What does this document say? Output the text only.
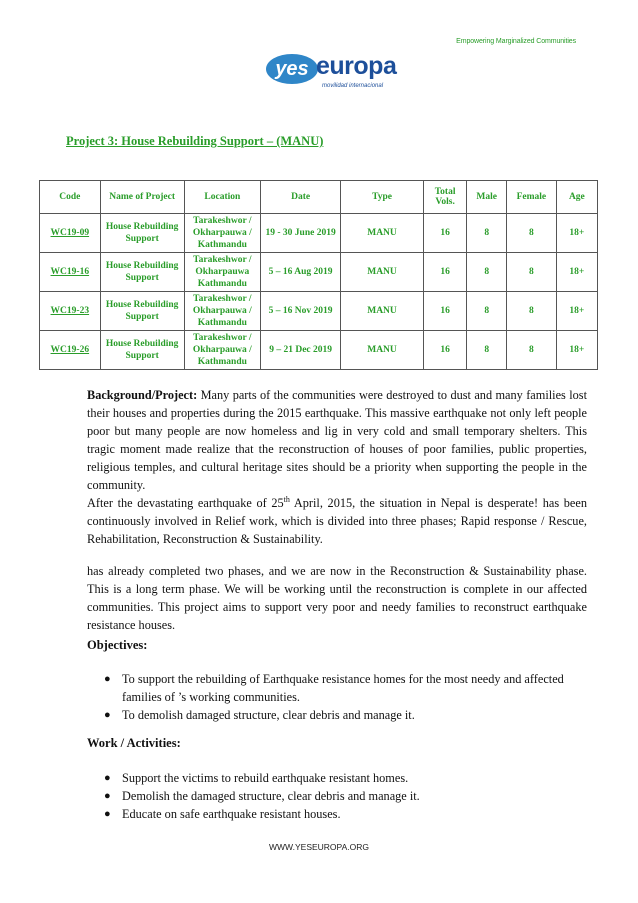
Empowering Marginalized Communities
yes europa
movilidad internacional
Project 3: House Rebuilding Support – (MANU)
Code	Name of Project	Location	Date	Type	Total Vols.	Male	Female	Age
WC19-09	House Rebuilding Support	Tarakeshwor / Okharpauwa / Kathmandu	19 - 30 June 2019	MANU	16	8	8	18+
WC19-16	House Rebuilding Support	Tarakeshwor / Okharpauwa Kathmandu	5 – 16 Aug 2019	MANU	16	8	8	18+
WC19-23	House Rebuilding Support	Tarakeshwor / Okharpauwa / Kathmandu	5 – 16 Nov 2019	MANU	16	8	8	18+
WC19-26	House Rebuilding Support	Tarakeshwor / Okharpauwa / Kathmandu	9 – 21 Dec 2019	MANU	16	8	8	18+
Background/Project: Many parts of the communities were destroyed to dust and many families lost their houses and properties during the 2015 earthquake. This massive earthquake not only left people poor but many people are now homeless and lig in very cold and small temporary shelters. This tragic moment made realize that the reconstruction of houses of poor families, public properties, religious temples, and cultural heritage sites should be a priority when supporting the people in the community.
After the devastating earthquake of 25th April, 2015, the situation in Nepal is desperate! has been continuously involved in Relief work, which is divided into three phases; Rapid response / Rescue, Rehabilitation, Reconstruction & Sustainability.
has already completed two phases, and we are now in the Reconstruction & Sustainability phase. This is a long term phase. We will be working until the reconstruction is complete in our affected communities. This project aims to support very poor and needy families to reconstruct earthquake resistance houses.
Objectives:
● To support the rebuilding of Earthquake resistance homes for the most needy and affected families of ’s working communities.
● To demolish damaged structure, clear debris and manage it.
Work / Activities:
● Support the victims to rebuild earthquake resistant homes.
● Demolish the damaged structure, clear debris and manage it.
● Educate on safe earthquake resistant houses.
WWW.YESEUROPA.ORG
